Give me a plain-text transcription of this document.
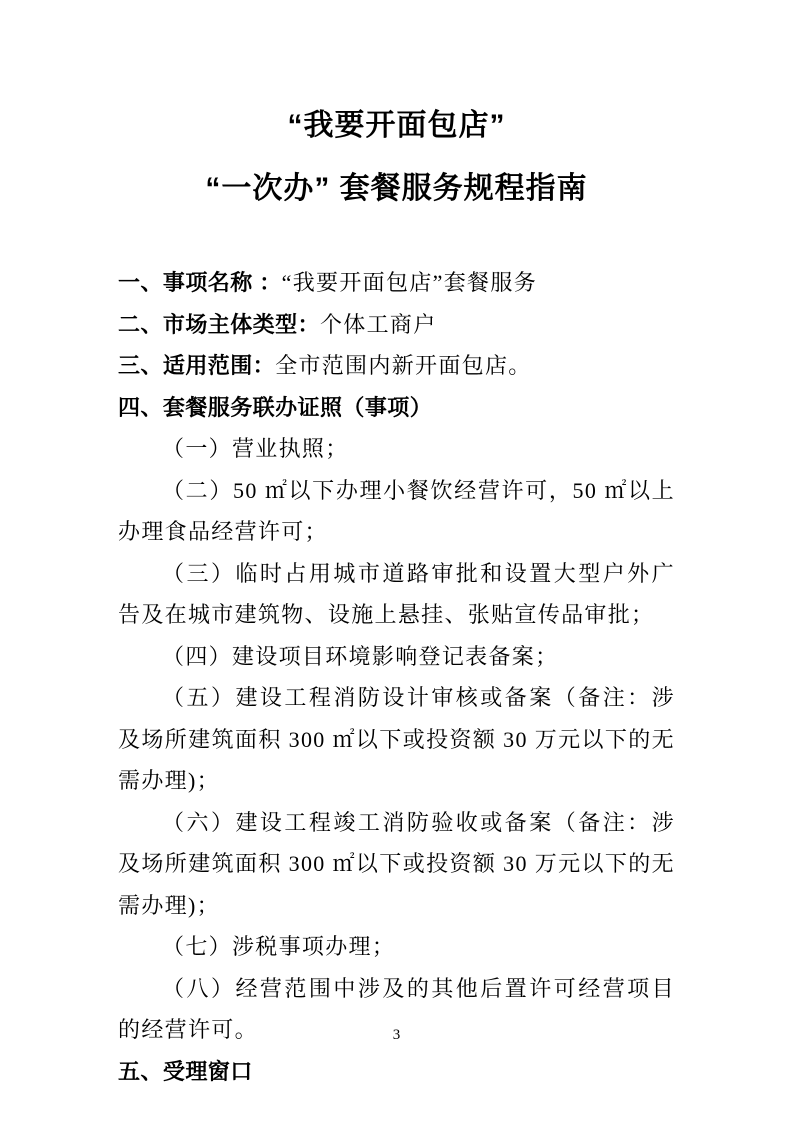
“我要开面包店”
“一次办” 套餐服务规程指南

一、事项名称 ：“我要开面包店”套餐服务

二、市场主体类型：个体工商户

三、适用范围：全市范围内新开面包店。

四、套餐服务联办证照（事项）

（一）营业执照；

（二）50 ㎡以下办理小餐饮经营许可，50 ㎡以上办理食品经营许可；

（三）临时占用城市道路审批和设置大型户外广告及在城市建筑物、设施上悬挂、张贴宣传品审批；

（四）建设项目环境影响登记表备案；

（五）建设工程消防设计审核或备案（备注：涉及场所建筑面积 300 ㎡以下或投资额 30 万元以下的无需办理)；

（六）建设工程竣工消防验收或备案（备注：涉及场所建筑面积 300 ㎡以下或投资额 30 万元以下的无需办理)；

（七）涉税事项办理；

（八）经营范围中涉及的其他后置许可经营项目的经营许可。

五、受理窗口

3
